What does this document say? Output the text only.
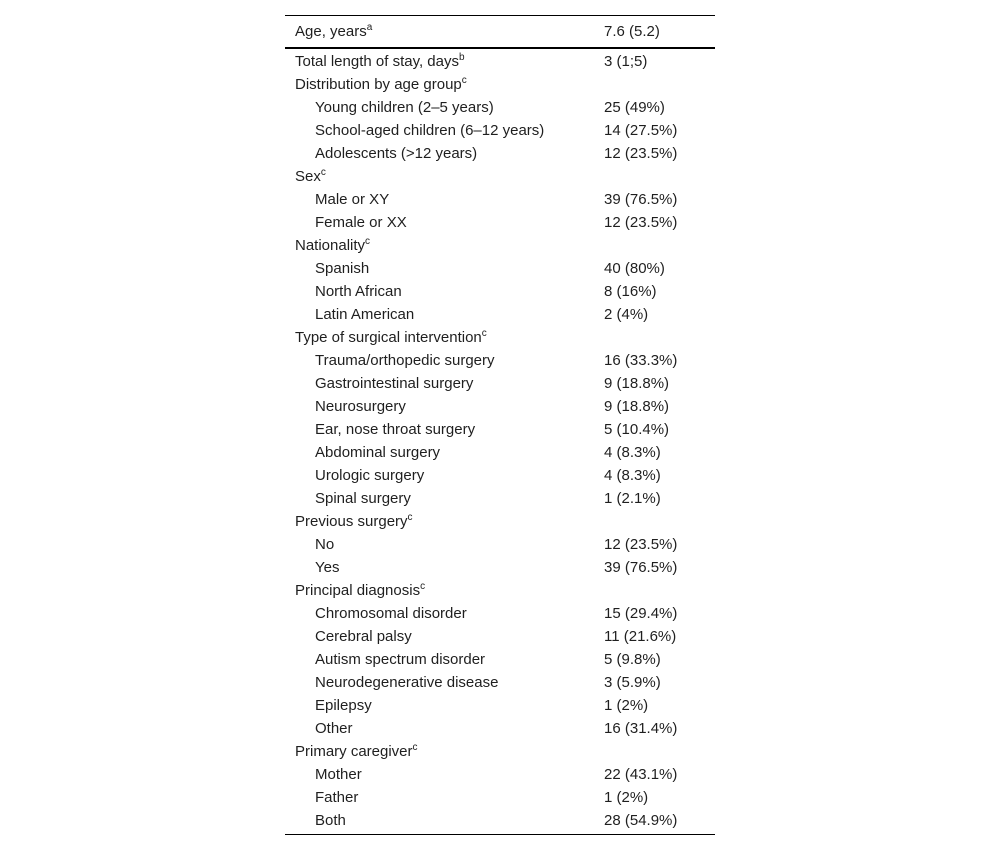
Age, years$^a$	7.6 (5.2)
Total length of stay, days$^b$	3 (1;5)
Distribution by age group$^c$	
Young children (2–5 years)	25 (49%)
School-aged children (6–12 years)	14 (27.5%)
Adolescents (>12 years)	12 (23.5%)
Sex$^c$	
Male or XY	39 (76.5%)
Female or XX	12 (23.5%)
Nationality$^c$	
Spanish	40 (80%)
North African	8 (16%)
Latin American	2 (4%)
Type of surgical intervention$^c$	
Trauma/orthopedic surgery	16 (33.3%)
Gastrointestinal surgery	9 (18.8%)
Neurosurgery	9 (18.8%)
Ear, nose throat surgery	5 (10.4%)
Abdominal surgery	4 (8.3%)
Urologic surgery	4 (8.3%)
Spinal surgery	1 (2.1%)
Previous surgery$^c$	
No	12 (23.5%)
Yes	39 (76.5%)
Principal diagnosis$^c$	
Chromosomal disorder	15 (29.4%)
Cerebral palsy	11 (21.6%)
Autism spectrum disorder	5 (9.8%)
Neurodegenerative disease	3 (5.9%)
Epilepsy	1 (2%)
Other	16 (31.4%)
Primary caregiver$^c$	
Mother	22 (43.1%)
Father	1 (2%)
Both	28 (54.9%)
